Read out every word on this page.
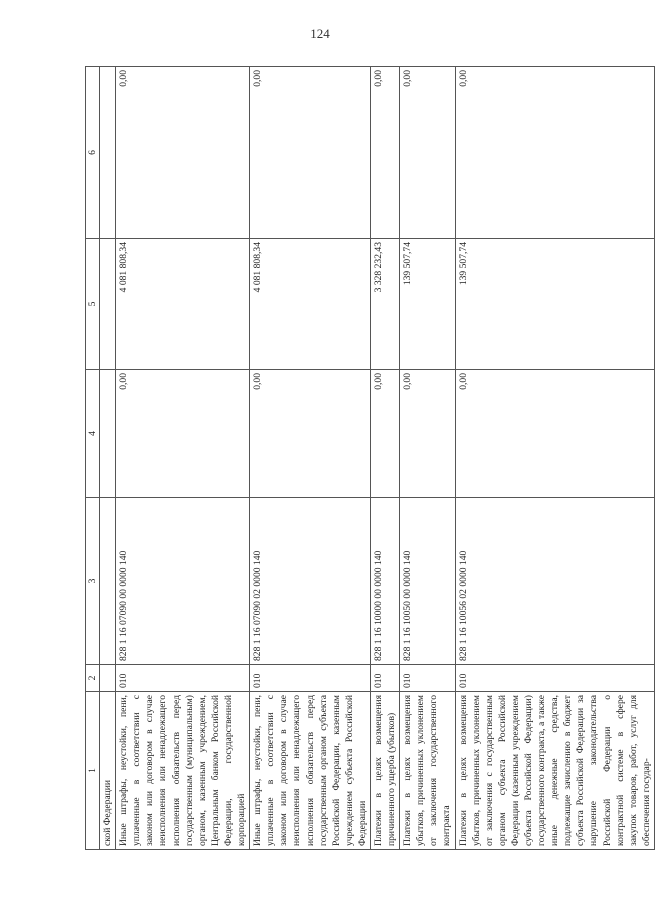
124
1	2	3	4	5	6
ской Федерации					
Иные штрафы, неустойки, пени, уплаченные в соответствии с законом или договором в случае неисполнения или ненадлежащего исполнения обязательств перед государственным (муниципальным) органом, казенным учреждением, Центральным банком Российской Федерации, государственной корпорацией	010	828 1 16 07090 00 0000 140	0,00	4 081 808,34	0,00
Иные штрафы, неустойки, пени, уплаченные в соответствии с законом или договором в случае неисполнения или ненадлежащего исполнения обязательств перед государственным органом субъекта Российской Федерации, казенным учреждением субъекта Российской Федерации	010	828 1 16 07090 02 0000 140	0,00	4 081 808,34	0,00
Платежи в целях возмещения причиненного ущерба (убытков)	010	828 1 16 10000 00 0000 140	0,00	3 328 232,43	0,00
Платежи в целях возмещения убытков, причиненных уклонением от заключения государственного контракта	010	828 1 16 10050 00 0000 140	0,00	139 507,74	0,00
Платежи в целях возмещения убытков, причиненных уклонением от заключения с государственным органом субъекта Российской Федерации (казенным учреждением субъекта Российской Федерации) государственного контракта, а также иные денежные средства, подлежащие зачислению в бюджет субъекта Российской Федерации за нарушение законодательства Российской Федерации о контрактной системе в сфере закупок товаров, работ, услуг для обеспечения государ-	010	828 1 16 10056 02 0000 140	0,00	139 507,74	0,00
